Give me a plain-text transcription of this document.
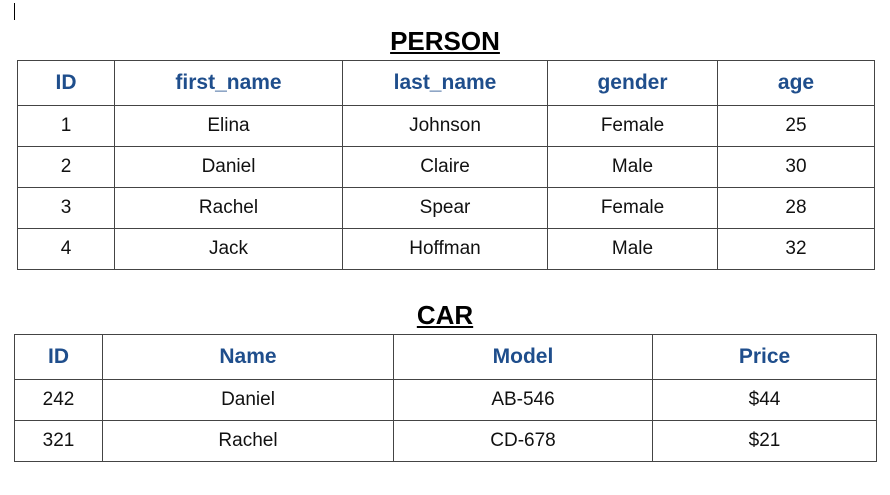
PERSON
ID	first_name	last_name	gender	age
1	Elina	Johnson	Female	25
2	Daniel	Claire	Male	30
3	Rachel	Spear	Female	28
4	Jack	Hoffman	Male	32
CAR
ID	Name	Model	Price
242	Daniel	AB-546	$44
321	Rachel	CD-678	$21
